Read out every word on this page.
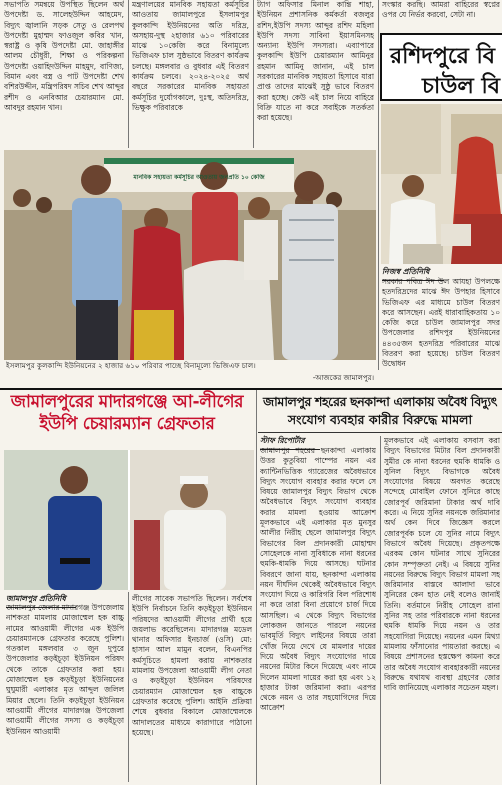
সভাপতি সমন্বয়ে উপস্থিত ছিলেন অর্থ উপদেষ্টা ড. সালেহউদ্দিন আহমেদ, বিদ্যুৎ জ্বালানি সড়ক সেতু ও রেলপথ উপদেষ্টা মুহাম্মদ ফাওজুল কবির খান, স্বরাষ্ট্র ও কৃষি উপদেষ্টা মো. জাহাঙ্গীর আলম চৌধুরী, শিক্ষা ও পরিকল্পনা উপদেষ্টা ওয়াহিদউদ্দিন মাহমুদ, বাণিজ্য, বিমান এবং বস্ত্র ও পাট উপদেষ্টা শেখ বশিরউদ্দীন, মন্ত্রিপরিষদ সচিব শেখ আব্দুর রশীদ ও এনবিআর চেয়ারম্যান মো. আবদুর রহমান খান।

মন্ত্রণালয়ের মানবিক সহায়তা কর্মসূচির আওতায় জামালপুরে ইসলামপুর কুলকান্দি ইউনিয়নের অতি দরিদ্র, অসহায়-দুস্থ ২হাজার ৬১০ পরিবারের মাঝে ১০কেজি করে বিনামূল্যে ভিজিএফ চাল সুষ্ঠভাবে বিতরণ কার্যক্রম চলছে। মঙ্গলবার ও বুধবার এই বিতরণ কার্যক্রম চলবে। ২০২৪-২০২৫ অর্থ বছরে সরকারের মানবিক সহায়তা কর্মসূচির দুর্যোগকালে, দুঃস্থ, অতিদরিদ্র, ভিক্ষুক পরিবারকে

ট্যাগ অফিসার মিনাল কান্তি শাহা, ইউনিয়ন প্রশাসনিক কর্মকর্তা বজলুর রশিদ,ইউপি সদস্য আব্দুর রশিদ মহিলা ইউপি সদস্য সাবিনা ইয়াসমিনসহ অন্যান্য ইউপি সদস্যরা। এব্যাপারে কুলকান্দি ইউপি চেয়ারম্যান আমিনুর রহমান আমিনু জানান, এই চাল সরকারের মানবিক সহায়তা হিসাবে যারা প্রাপ্ত তাদের মাঝেই সুষ্ঠু ভাবে বিতরণ করা হচ্ছে। কেউ এই চাল নিয়ে বাহিরে বিক্রি যাতে না করে সবাইকে সতর্কতা করা হয়েছে।

সংস্কার করছি। আমরা বাহিরের স্বপ্নের ওপর যে নির্ভর করবো, সেটা না।

রশিদপুরে বি
চাউল বি
নিজস্ব প্রতিনিধি

সরকার পবিত্র ঈদ উল আযহা উপলক্ষে হতদরিদ্রদের মাঝে ঈদ উপহার হিসাবে ভিজিএফ এর মাধ্যমে চাউল বিতরণ করে আসছেন। এরই ধারাবাহিকতায় ১০ কেজি করে চাউল জামালপুর সদর উপজেলার রশিদপুর ইউনিয়নের ৪৪৩৫জন হতদরিদ্র পরিবারের মাঝে বিতরণ করা হয়েছে। চাউল বিতরণ উদ্বোধন

মানবিক সহায়তা কর্মসূচির আওতায় জনপ্রতি ১০ কেজি
ইসলামপুর কুলকান্দি ইউনিয়নের ২ হাজার ৬১০ পরিবার পাচ্ছে বিনামূল্যে ভিজিএফ চাল।
-আজকের জামালপুর।
জামালপুরের মাদারগঞ্জে আ-লীগের
ইউপি চেয়ারম্যান গ্রেফতার
জামালপুর প্রতিনিধি

জামালপুর জেলার মাদারগঞ্জ উপজেলায় নাশকতা মামলায় মোজাম্মেল হক বাচ্চু নামের আওয়ামী লীগের এক ইউপি চেয়ারম্যানকে গ্রেফতার করেছে পুলিশ। গতকাল মঙ্গলবার ৩ জুন দুপুরে উপজেলার কড়ইচূড়া ইউনিয়ন পরিষদ থেকে তাকে গ্রেফতার করা হয়। মোজাম্মেল হক কড়ইচূড়া ইউনিয়নের ঘুঘুমারী এলাকার মৃত আব্দুল জলিল মিয়ার ছেলে। তিনি কড়ইচূড়া ইউনিয়ন আওয়ামী লীগের মাদারগঞ্জ উপজেলা আওয়ামী লীগের সদস্য ও কড়ইচূড়া ইউনিয়ন আওয়ামী

লীগের সাবেক সভাপতি ছিলেন। সর্বশেষ ইউপি নির্বাচনে তিনি কড়ইচূড়া ইউনিয়ন পরিষদের আওয়ামী লীগের প্রার্থী হয়ে জয়লাভ করেছিলেন। মাদারগঞ্জ মডেল থানার অফিসার ইনচার্জ (ওসি) মো: হাসান আল মামুন বলেন, বিএনপির কর্মসূচিতে হামলা করায় নাশকতার মামলায় উপজেলা আওয়ামী লীগ নেতা ও কড়ইচূড়া ইউনিয়ন পরিষদের চেয়ারম্যান মোজাম্মেল হক বাচ্চুকে গ্রেফতার করেছে পুলিশ। আইনি প্রক্রিয়া শেষে বুধবার বিকালে মোজাম্মেলকে আদালতের মাধ্যমে কারাগারে পাঠানো হয়েছে।

জামালপুর শহরের ছনকান্দা এলাকায় অবৈধ বিদ্যুৎ
সংযোগ ব্যবহার কারীর বিরুদ্ধে মামলা
স্টাফ রিপোর্টার

জামালপুর শহরের ছনকান্দা এলাকায় উত্তর কুতুবিয়া পাম্পের নয়ন এর ক্যান্টিনভিত্তিক গ্যারেজের অবৈধভাবে বিদ্যুৎ সংযোগ ব্যবহার করার ফলে সে বিষয়ে জামালপুর বিদ্যুৎ বিভাগ থেকে অবৈধভাবে বিদ্যুৎ সংযোগ ব্যবহার করার মামলা হওয়ায় আক্রোশ মূলকভাবে এই এলাকার মৃত মুনসুর আলীর নিরীহ ছেলে জামালপুর বিদ্যুৎ বিভাগের বিল প্রদানকারী মোহাম্মদ সোহেলকে নানা সুবিধাকে নানা ধরনের হুমকি-ধামকি দিয়ে আসছে। ঘটনার বিবরণে জানা যায়, ছনকান্দা এলাকায় নয়ন দীর্ঘদিন থেকেই অবৈধভাবে বিদ্যুৎ সংযোগ দিয়ে ও কারিগরি বিল পরিশোধ না করে তারা বিনা প্রয়োগে চার্জ দিয়ে আসছিল। এ থেকে বিদ্যুৎ বিভাগের লোকজন জানতে পারলে নয়নের ভাবমূর্তি বিদ্যুৎ লাইনের বিষয়ে তারা খোঁজ নিয়ে দেখে যে মামলার দায়ের দিয়ে অবৈধ বিদ্যুৎ সংযোগের দায়ে নয়নের মিটার কিনে দিয়েছে এবং নামে দিলেন মামলা দায়ের করা হয় এবং ১২ হাজার টাকা জরিমানা করা। এরপর থেকে নয়ন ও তার সহযোগিদের দিয়ে আক্রোশ

মূলকভাবে এই এলাকায় বসবাস করা বিদ্যুৎ বিভাগের মিটার বিল প্রদানকারী সুমীর কে নানা ধরনের হুমকি ধামকি ও সুনিল বিদ্যুৎ বিভাগকে অবৈধ সংযোগের বিষয়ে অবগত করেছে সন্দেহে মোবাইল ফোনে সুনিরে কাছে জোরপূর্ব জরিমানা টাকার অর্থ দাবি করে। এ নিয়ে সুনির নয়নকে জরিমানার অর্থ কেন দিবে জিজ্ঞেস করলে জোরপূর্বক চলে যে সুনির নামে বিদ্যুৎ বিভাগে অবৈধ দিয়েছে। প্রকৃতপক্ষে এরকম কোন ঘটনার সাথে সুনিরের কোন সম্পৃক্ততা নেই। এ বিষয়ে সুনির নয়নের বিরুদ্ধে বিদ্যুৎ বিভাগ মামলা সহ জরিমানার বাস্তবে আলাদা ভাবে সুনিরের কেন হাত নেই বলেও জানাই তিনি। বর্তমানে নিরীহ সোহেল রানা সুনির সহ তার পরিবারকে নানা ধরনের হুমকি ধামকি দিয়ে নয়ন ও তার সহযোগিরা দিয়েছে। নয়নের এমন মিথ্যা মামলায় ফাঁসানোর পায়তারা করছে। এ বিষয়ে প্রশাসনের হস্তক্ষেপ কামনা করে তার অবৈধ সংযোগ ব্যবহারকারী নয়নের বিরুদ্ধে যথাযথ ব্যবস্থা গ্রহণের জোর দাবি জানিয়েছে এলাকার সচেতন মহল।
